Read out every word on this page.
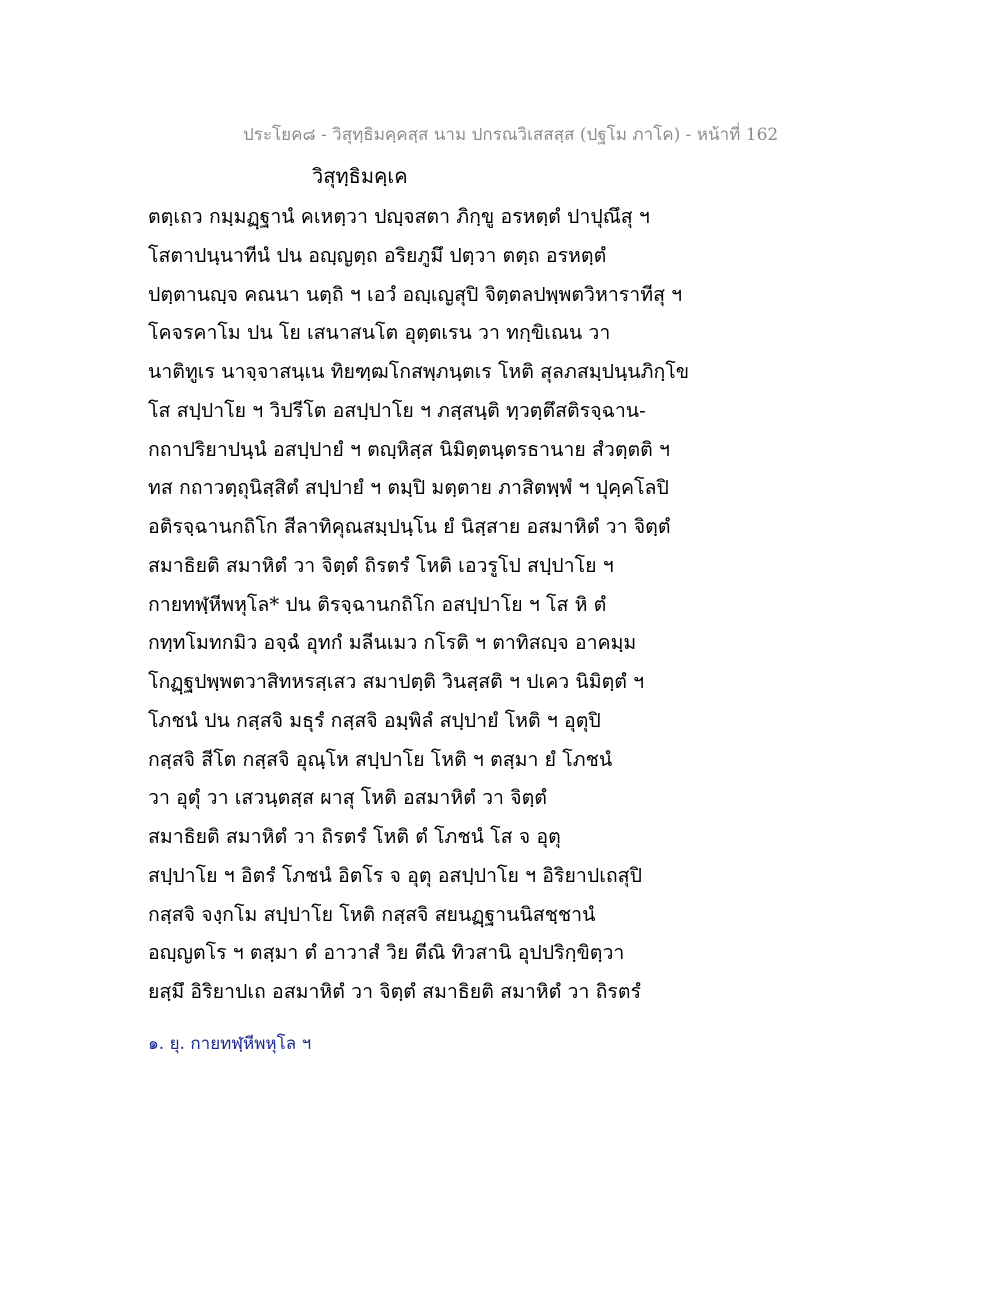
ประโยค๘ - วิสุทฺธิมคฺคสฺส นาม ปกรณวิเสสสฺส (ปฐโม ภาโค) - หน้าที่ 162
วิสุทฺธิมคฺเค
ตตฺเถว กมฺมฏฺฐานํ คเหตฺวา ปญฺจสตา ภิกฺขู อรหตฺตํ ปาปุณึสุ ฯ
โสตาปนฺนาทีนํ ปน อญฺญตฺถ อริยภูมึ ปตฺวา ตตฺถ อรหตฺตํ
ปตฺตานญฺจ คณนา นตฺถิ ฯ เอวํ อญฺเญสุปิ จิตฺตลปพฺพตวิหาราทีสุ ฯ
โคจรคาโม ปน โย เสนาสนโต อุตฺตเรน วา ทกฺขิเณน วา
นาติทูเร นาจฺจาสนฺเน ทิยฑฺฒโกสพฺภนฺตเร โหติ สุลภสมฺปนฺนภิกฺโข
โส สปฺปาโย ฯ วิปรีโต อสปฺปาโย ฯ ภสฺสนฺติ ทฺวตฺตึสติรจฺฉาน-
กถาปริยาปนฺนํ อสปฺปายํ ฯ ตญฺหิสฺส นิมิตฺตนฺตรธานาย สํวตฺตติ ฯ
ทส กถาวตฺถุนิสฺสิตํ สปฺปายํ ฯ ตมฺปิ มตฺตาย ภาสิตพฺพํ ฯ ปุคฺคโลปิ
อติรจฺฉานกถิโก สีลาทิคุณสมฺปนฺโน ยํ นิสฺสาย อสมาหิตํ วา จิตฺตํ
สมาธิยติ สมาหิตํ วา จิตฺตํ ถิรตรํ โหติ เอวรูโป สปฺปาโย ฯ
กายทฬฺหีพหุโล* ปน ติรจฺฉานกถิโก อสปฺปาโย ฯ โส หิ ตํ
กทฺทโมทกมิว อจฺฉํ อุทกํ มลีนเมว กโรติ ฯ ตาทิสญฺจ อาคมฺม
โกฏฺฐปพฺพตวาสิทหรสฺเสว สมาปตฺติ วินสฺสติ ฯ ปเคว นิมิตฺตํ ฯ
โภชนํ ปน กสฺสจิ มธุรํ กสฺสจิ อมฺพิลํ สปฺปายํ โหติ ฯ อุตุปิ
กสฺสจิ สีโต กสฺสจิ อุณฺโห สปฺปาโย โหติ ฯ ตสฺมา ยํ โภชนํ
วา อุตุํ วา เสวนฺตสฺส ผาสุ โหติ อสมาหิตํ วา จิตฺตํ
สมาธิยติ สมาหิตํ วา ถิรตรํ โหติ ตํ โภชนํ โส จ อุตุ
สปฺปาโย ฯ อิตรํ โภชนํ อิตโร จ อุตุ อสปฺปาโย ฯ อิริยาปเถสุปิ
กสฺสจิ จงฺกโม สปฺปาโย โหติ กสฺสจิ สยนฏฺฐานนิสชฺชานํ
อญฺญตโร ฯ ตสฺมา ตํ อาวาสํ วิย ตีณิ ทิวสานิ อุปปริกฺขิตฺวา
ยสฺมึ อิริยาปเถ อสมาหิตํ วา จิตฺตํ สมาธิยติ สมาหิตํ วา ถิรตรํ
๑. ยุ. กายทฬฺหีพหุโล ฯ
